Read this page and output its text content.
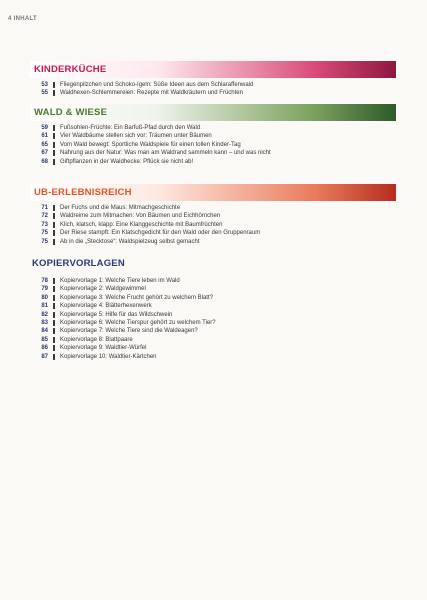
4 INHALT
KINDERKÜCHE
53 Fliegenpilzchen und Schoko-Igeln: Süße Ideen aus dem Schlaraffenwald
55 Waldhexen-Schlemmereien: Rezepte mit Waldkräutern und Früchten
WALD & WIESE
59 Fußsohlen-Früchte: Ein Barfuß-Pfad durch den Wald
61 Vier Waldbäume stellen sich vor: Träumen unter Bäumen
65 Vom Wald bewegt: Sportliche Waldspiele für einen tollen Kinder-Tag
67 Nahrung aus der Natur: Was man am Waldrand sammeln kann – und was nicht
68 Giftpflanzen in der Waldhecke: Pflück sie nicht ab!
UB-ERLEBNISREICH
71 Der Fuchs und die Maus: Mitmachgeschichte
72 Waldreime zum Mitmachen: Von Bäumen und Eichhörnchen
73 Klich, klatsch, klapp: Eine Klanggeschichte mit Baumfrüchten
75 Der Riese stampft: Ein Klatschgedicht für den Wald oder den Gruppenraum
75 Ab in die „Stecktose“: Waldspielzeug selbst gemacht
KOPIERVORLAGEN
78 Kopiervorlage 1: Welche Tiere leben im Wald
79 Kopiervorlage 2: Waldgewimmel
80 Kopiervorlage 3: Welche Frucht gehört zu welchem Blatt?
81 Kopiervorlage 4: Blätterhexenwerk
82 Kopiervorlage 5: Hilfe für das Wildschwein
83 Kopiervorlage 6: Welche Tierspur gehört zu welchem Tier?
84 Kopiervorlage 7: Welche Tiere sind die Waldeagen?
85 Kopiervorlage 8: Blattpaare
86 Kopiervorlage 9: Waldtier-Würfel
87 Kopiervorlage 10: Waldtier-Kärtchen
